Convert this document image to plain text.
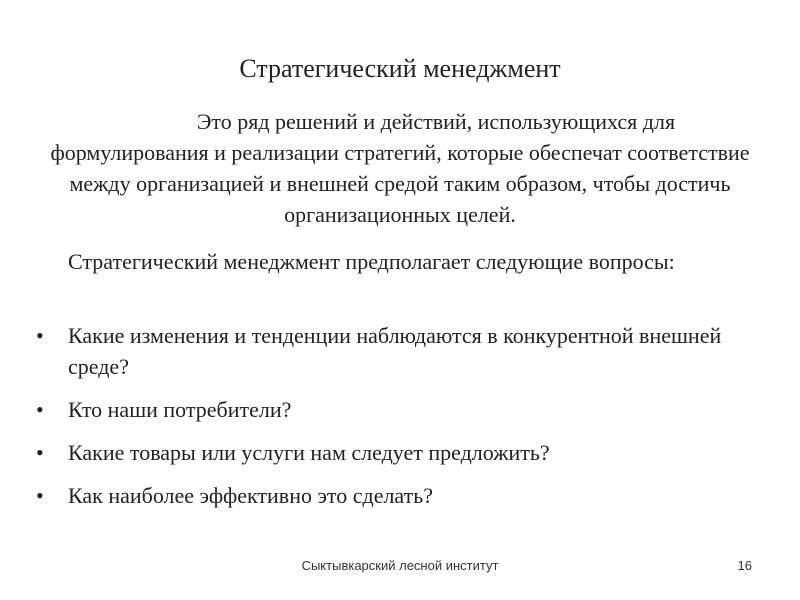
Стратегический менеджмент

Это ряд решений и действий, использующихся для формулирования и реализации стратегий, которые обеспечат соответствие между организацией и внешней средой таким образом, чтобы достичь организационных целей.

Стратегический менеджмент предполагает следующие вопросы:

•	Какие изменения и тенденции наблюдаются в конкурентной внешней среде?
•	Кто наши потребители?
•	Какие товары или услуги нам следует предложить?
•	Как наиболее эффективно это сделать?
Сыктывкарский лесной институт	16
